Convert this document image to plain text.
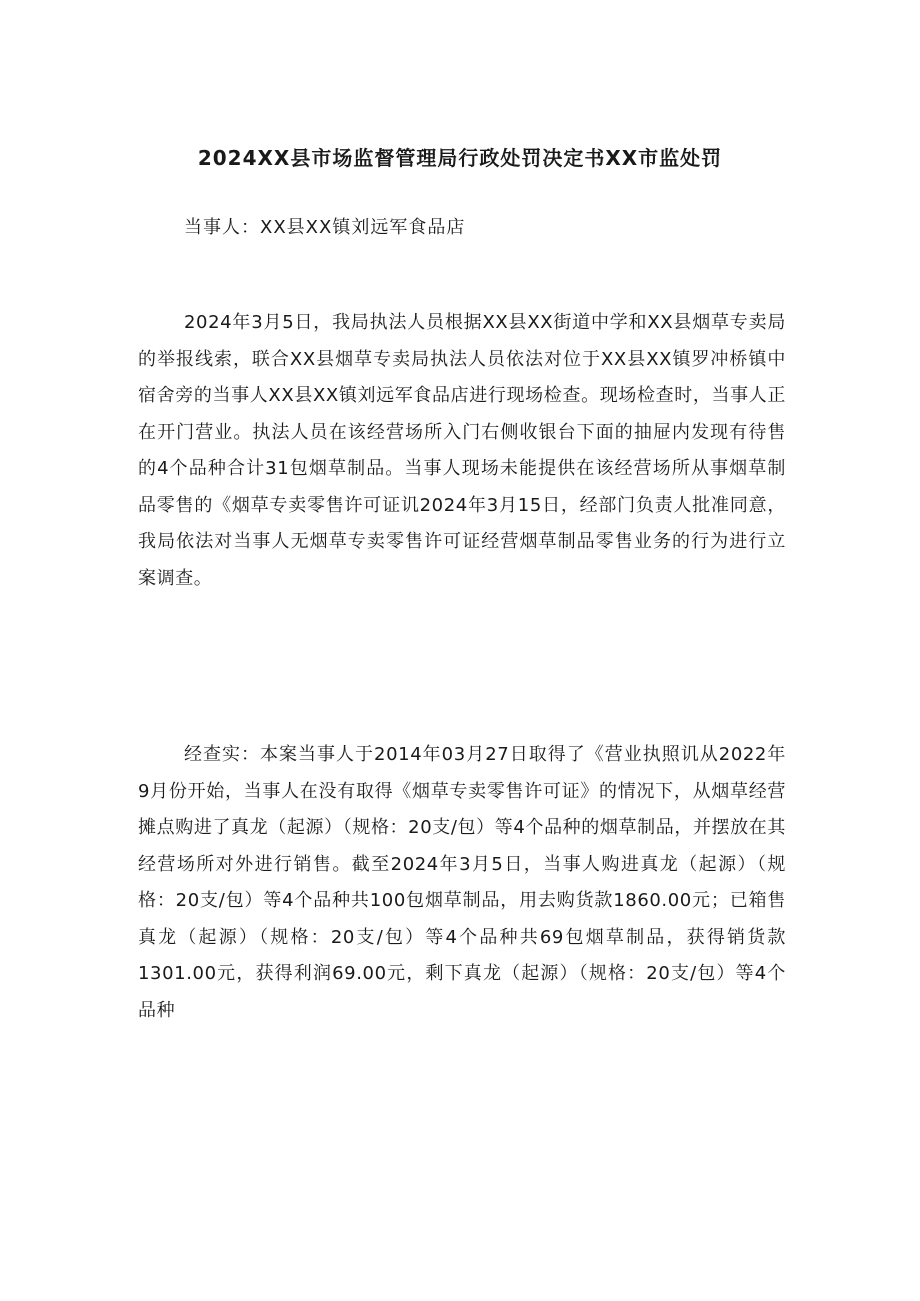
2024XX县市场监督管理局行政处罚决定书XX市监处罚
当事人：XX县XX镇刘远军食品店

2024年3月5日，我局执法人员根据XX县XX街道中学和XX县烟草专卖局的举报线索，联合XX县烟草专卖局执法人员依法对位于XX县XX镇罗冲桥镇中宿舍旁的当事人XX县XX镇刘远军食品店进行现场检查。现场检查时，当事人正在开门营业。执法人员在该经营场所入门右侧收银台下面的抽屉内发现有待售的4个品种合计31包烟草制品。当事人现场未能提供在该经营场所从事烟草制品零售的《烟草专卖零售许可证讥2024年3月15日，经部门负责人批准同意，我局依法对当事人无烟草专卖零售许可证经营烟草制品零售业务的行为进行立案调查。

经查实：本案当事人于2014年03月27日取得了《营业执照讥从2022年9月份开始，当事人在没有取得《烟草专卖零售许可证》的情况下，从烟草经营摊点购进了真龙（起源）（规格：20支/包）等4个品种的烟草制品，并摆放在其经营场所对外进行销售。截至2024年3月5日，当事人购进真龙（起源）（规格：20支/包）等4个品种共100包烟草制品，用去购货款1860.00元；已箱售真龙（起源）（规格：20支/包）等4个品种共69包烟草制品，获得销货款1301.00元，获得利润69.00元，剩下真龙（起源）（规格：20支/包）等4个品种
